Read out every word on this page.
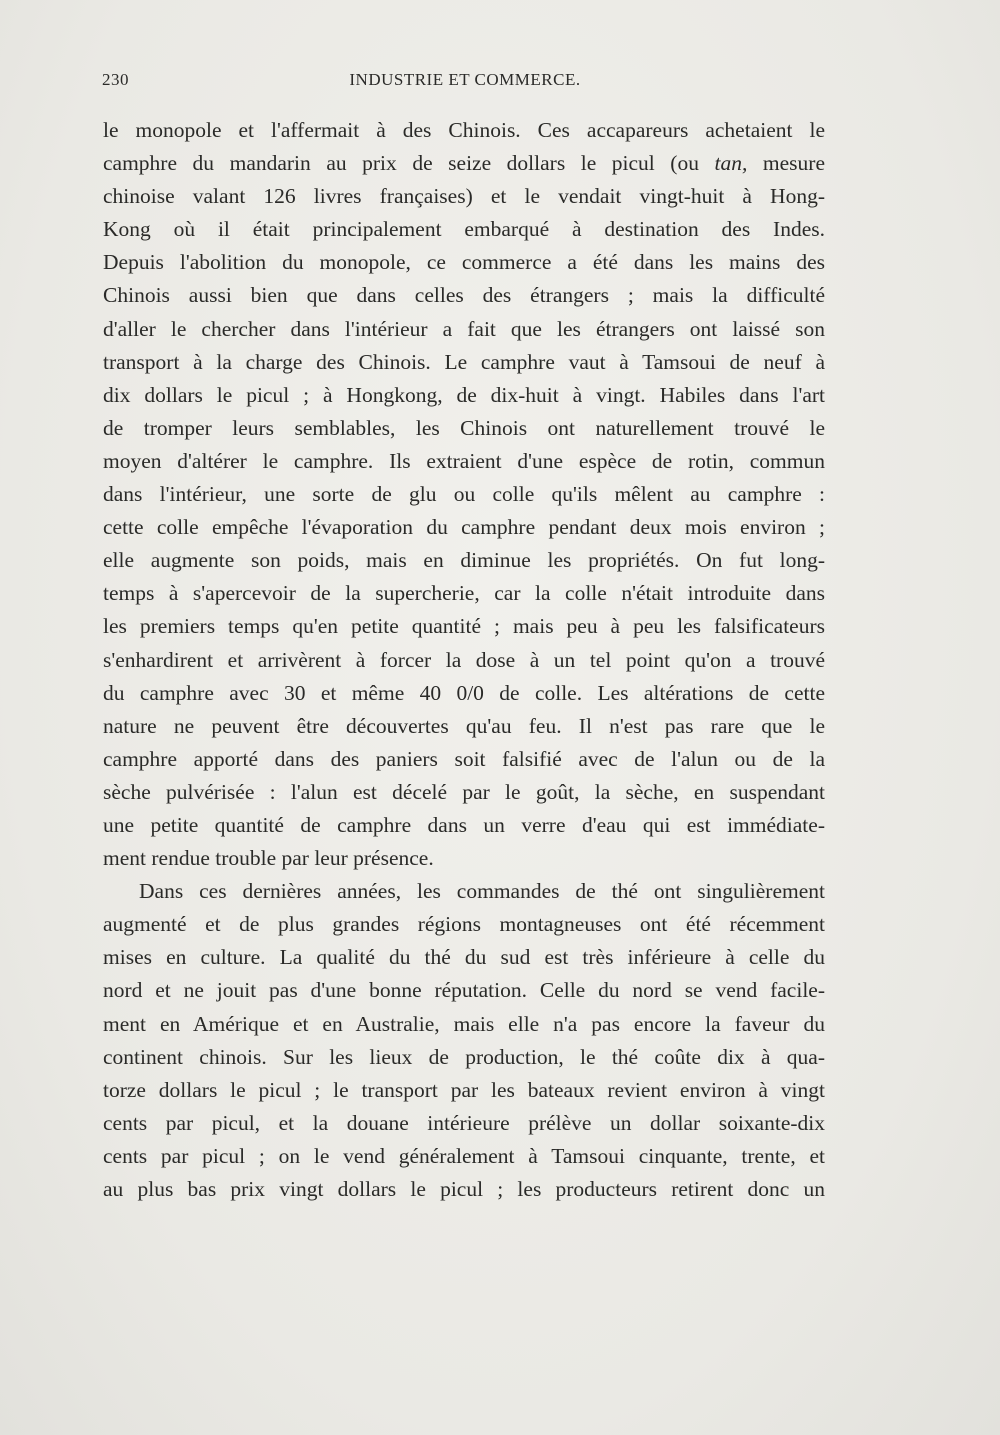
230	INDUSTRIE ET COMMERCE.
le monopole et l'affermait à des Chinois. Ces accapareurs achetaient le
camphre du mandarin au prix de seize dollars le picul (ou tan, mesure
chinoise valant 126 livres françaises) et le vendait vingt-huit à Hong-
Kong où il était principalement embarqué à destination des Indes.
Depuis l'abolition du monopole, ce commerce a été dans les mains des
Chinois aussi bien que dans celles des étrangers ; mais la difficulté
d'aller le chercher dans l'intérieur a fait que les étrangers ont laissé son
transport à la charge des Chinois. Le camphre vaut à Tamsoui de neuf à
dix dollars le picul ; à Hongkong, de dix-huit à vingt. Habiles dans l'art
de tromper leurs semblables, les Chinois ont naturellement trouvé le
moyen d'altérer le camphre. Ils extraient d'une espèce de rotin, commun
dans l'intérieur, une sorte de glu ou colle qu'ils mêlent au camphre :
cette colle empêche l'évaporation du camphre pendant deux mois environ ;
elle augmente son poids, mais en diminue les propriétés. On fut long-
temps à s'apercevoir de la supercherie, car la colle n'était introduite dans
les premiers temps qu'en petite quantité ; mais peu à peu les falsificateurs
s'enhardirent et arrivèrent à forcer la dose à un tel point qu'on a trouvé
du camphre avec 30 et même 40 0/0 de colle. Les altérations de cette
nature ne peuvent être découvertes qu'au feu. Il n'est pas rare que le
camphre apporté dans des paniers soit falsifié avec de l'alun ou de la
sèche pulvérisée : l'alun est décelé par le goût, la sèche, en suspendant
une petite quantité de camphre dans un verre d'eau qui est immédiate-
ment rendue trouble par leur présence.
Dans ces dernières années, les commandes de thé ont singulièrement
augmenté et de plus grandes régions montagneuses ont été récemment
mises en culture. La qualité du thé du sud est très inférieure à celle du
nord et ne jouit pas d'une bonne réputation. Celle du nord se vend facile-
ment en Amérique et en Australie, mais elle n'a pas encore la faveur du
continent chinois. Sur les lieux de production, le thé coûte dix à qua-
torze dollars le picul ; le transport par les bateaux revient environ à vingt
cents par picul, et la douane intérieure prélève un dollar soixante-dix
cents par picul ; on le vend généralement à Tamsoui cinquante, trente, et
au plus bas prix vingt dollars le picul ; les producteurs retirent donc un
